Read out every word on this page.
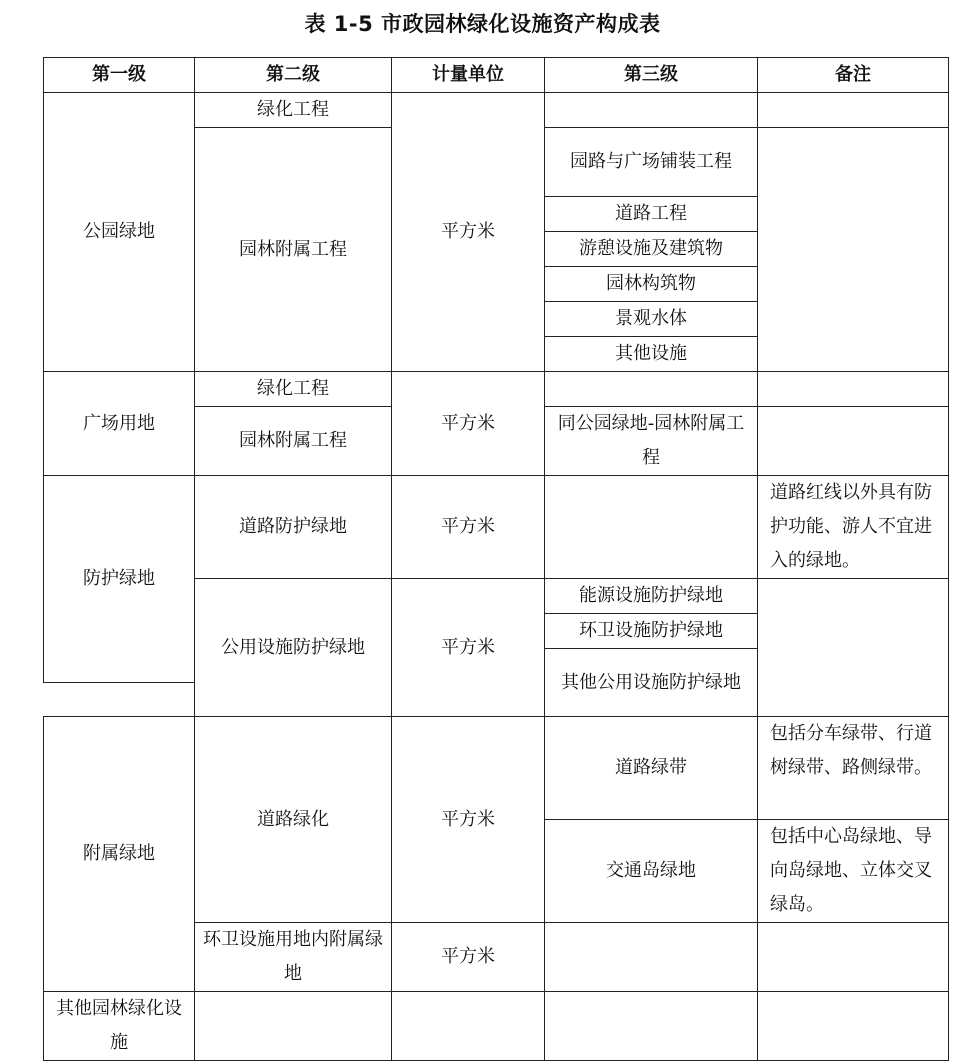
表 1-5 市政园林绿化设施资产构成表
第一级	第二级	计量单位	第三级	备注
公园绿地	绿化工程	平方米		
	园林附属工程		园路与广场铺装工程	

			道路工程	
			游憩设施及建筑物	
			园林构筑物	
			景观水体	
			其他设施	
广场用地	绿化工程	平方米		
	园林附属工程		同公园绿地-园林附属工程	

防护绿地	道路防护绿地	平方米		道路红线以外具有防护功能、游人不宜进入的绿地。

	公用设施防护绿地	平方米	能源设施防护绿地	
			环卫设施防护绿地	
			其他公用设施防护绿地	

附属绿地	道路绿化	平方米	道路绿带	包括分车绿带、行道树绿带、路侧绿带。

			交通岛绿地	包括中心岛绿地、导向岛绿地、立体交叉绿岛。

	环卫设施用地内附属绿地	平方米		

其他园林绿化设施				
